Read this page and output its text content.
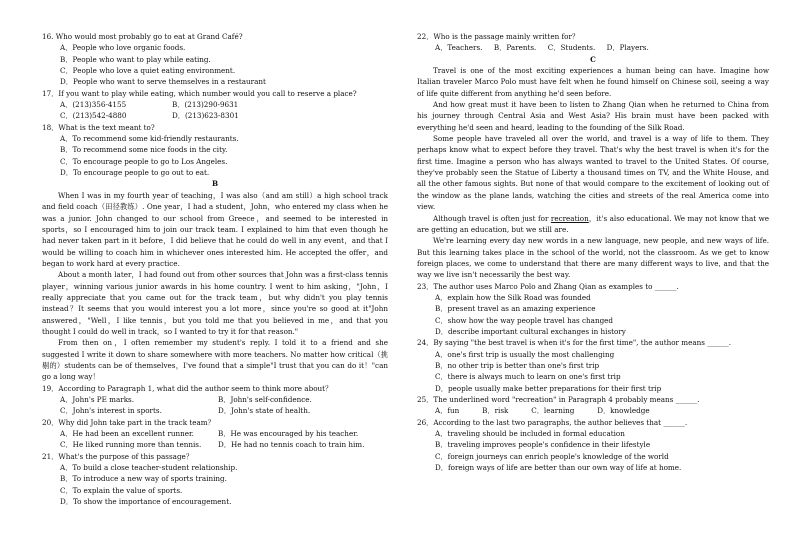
16. Who would most probably go to eat at Grand Café?
A．People who love organic foods.
B．People who want to play while eating.
C．People who love a quiet eating environment.
D．People who want to serve themselves in a restaurant
17．If you want to play while eating, which number would you call to reserve a place?
A．(213)356-4155	B．(213)290-9631
C．(213)542-4880	D．(213)623-8301
18．What is the text meant to?
A．To recommend some kid-friendly restaurants.
B．To recommend some nice foods in the city.
C．To encourage people to go to Los Angeles.
D．To encourage people to go out to eat.
B
When I was in my fourth year of teaching，I was also（and am still）a high school track and field coach（田径教练）. One year，I had a student，John，who entered my class when he was a junior. John changed to our school from Greece，and seemed to be interested in sports，so I encouraged him to join our track team. I explained to him that even though he had never taken part in it before，I did believe that he could do well in any event，and that I would be willing to coach him in whichever ones interested him. He accepted the offer，and began to work hard at every practice.
About a month later，I had found out from other sources that John was a first-class tennis player，winning various junior awards in his home country. I went to him asking，"John，I really appreciate that you came out for the track team，but why didn't you play tennis instead？It seems that you would interest you a lot more，since you're so good at it"John answered，"Well，I like tennis，but you told me that you believed in me，and that you thought I could do well in track，so I wanted to try it for that reason."
From then on，I often remember my student's reply. I told it to a friend and she suggested I write it down to share somewhere with more teachers. No matter how critical（挑剔的）students can be of themselves，I've found that a simple"I trust that you can do it！"can go a long way！
19．According to Paragraph 1, what did the author seem to think more about？
A．John's PE marks.	B．John's self-confidence.
C．John's interest in sports.	D．John's state of health.
20．Why did John take part in the track team？
A．He had been an excellent runner.	B．He was encouraged by his teacher.
C．He liked running more than tennis.	D．He had no tennis coach to train him.
21．What's the purpose of this passage？
A．To build a close teacher-student relationship.
B．To introduce a new way of sports training.
C．To explain the value of sports.
D．To show the importance of encouragement.
22．Who is the passage mainly written for？
A．Teachers.     B．Parents.     C．Students.     D．Players.
C
Travel is one of the most exciting experiences a human being can have. Imagine how Italian traveler Marco Polo must have felt when he found himself on Chinese soil, seeing a way of life quite different from anything he'd seen before.
And how great must it have been to listen to Zhang Qian when he returned to China from his journey through Central Asia and West Asia? His brain must have been packed with everything he'd seen and heard, leading to the founding of the Silk Road.
Some people have traveled all over the world, and travel is a way of life to them. They perhaps know what to expect before they travel. That's why the best travel is when it's for the first time. Imagine a person who has always wanted to travel to the United States. Of course, they've probably seen the Statue of Liberty a thousand times on TV, and the White House, and all the other famous sights. But none of that would compare to the excitement of looking out of the window as the plane lands, watching the cities and streets of the real America come into view.
Although travel is often just for recreation，it's also educational. We may not know that we are getting an education, but we still are.
We're learning every day new words in a new language, new people, and new ways of life. But this learning takes place in the school of the world, not the classroom. As we get to know foreign places, we come to understand that there are many different ways to live, and that the way we live isn't necessarily the best way.
23．The author uses Marco Polo and Zhang Qian as examples to ______.
A．explain how the Silk Road was founded
B．present travel as an amazing experience
C．show how the way people travel has changed
D．describe important cultural exchanges in history
24．By saying "the best travel is when it's for the first time", the author means ______.
A．one's first trip is usually the most challenging
B．no other trip is better than one's first trip
C．there is always much to learn on one's first trip
D．people usually make better preparations for their first trip
25．The underlined word "recreation" in Paragraph 4 probably means ______.
A．fun          B．risk          C．learning          D．knowledge
26．According to the last two paragraphs, the author believes that ______.
A．traveling should be included in formal education
B．traveling improves people's confidence in their lifestyle
C．foreign journeys can enrich people's knowledge of the world
D．foreign ways of life are better than our own way of life at home.
